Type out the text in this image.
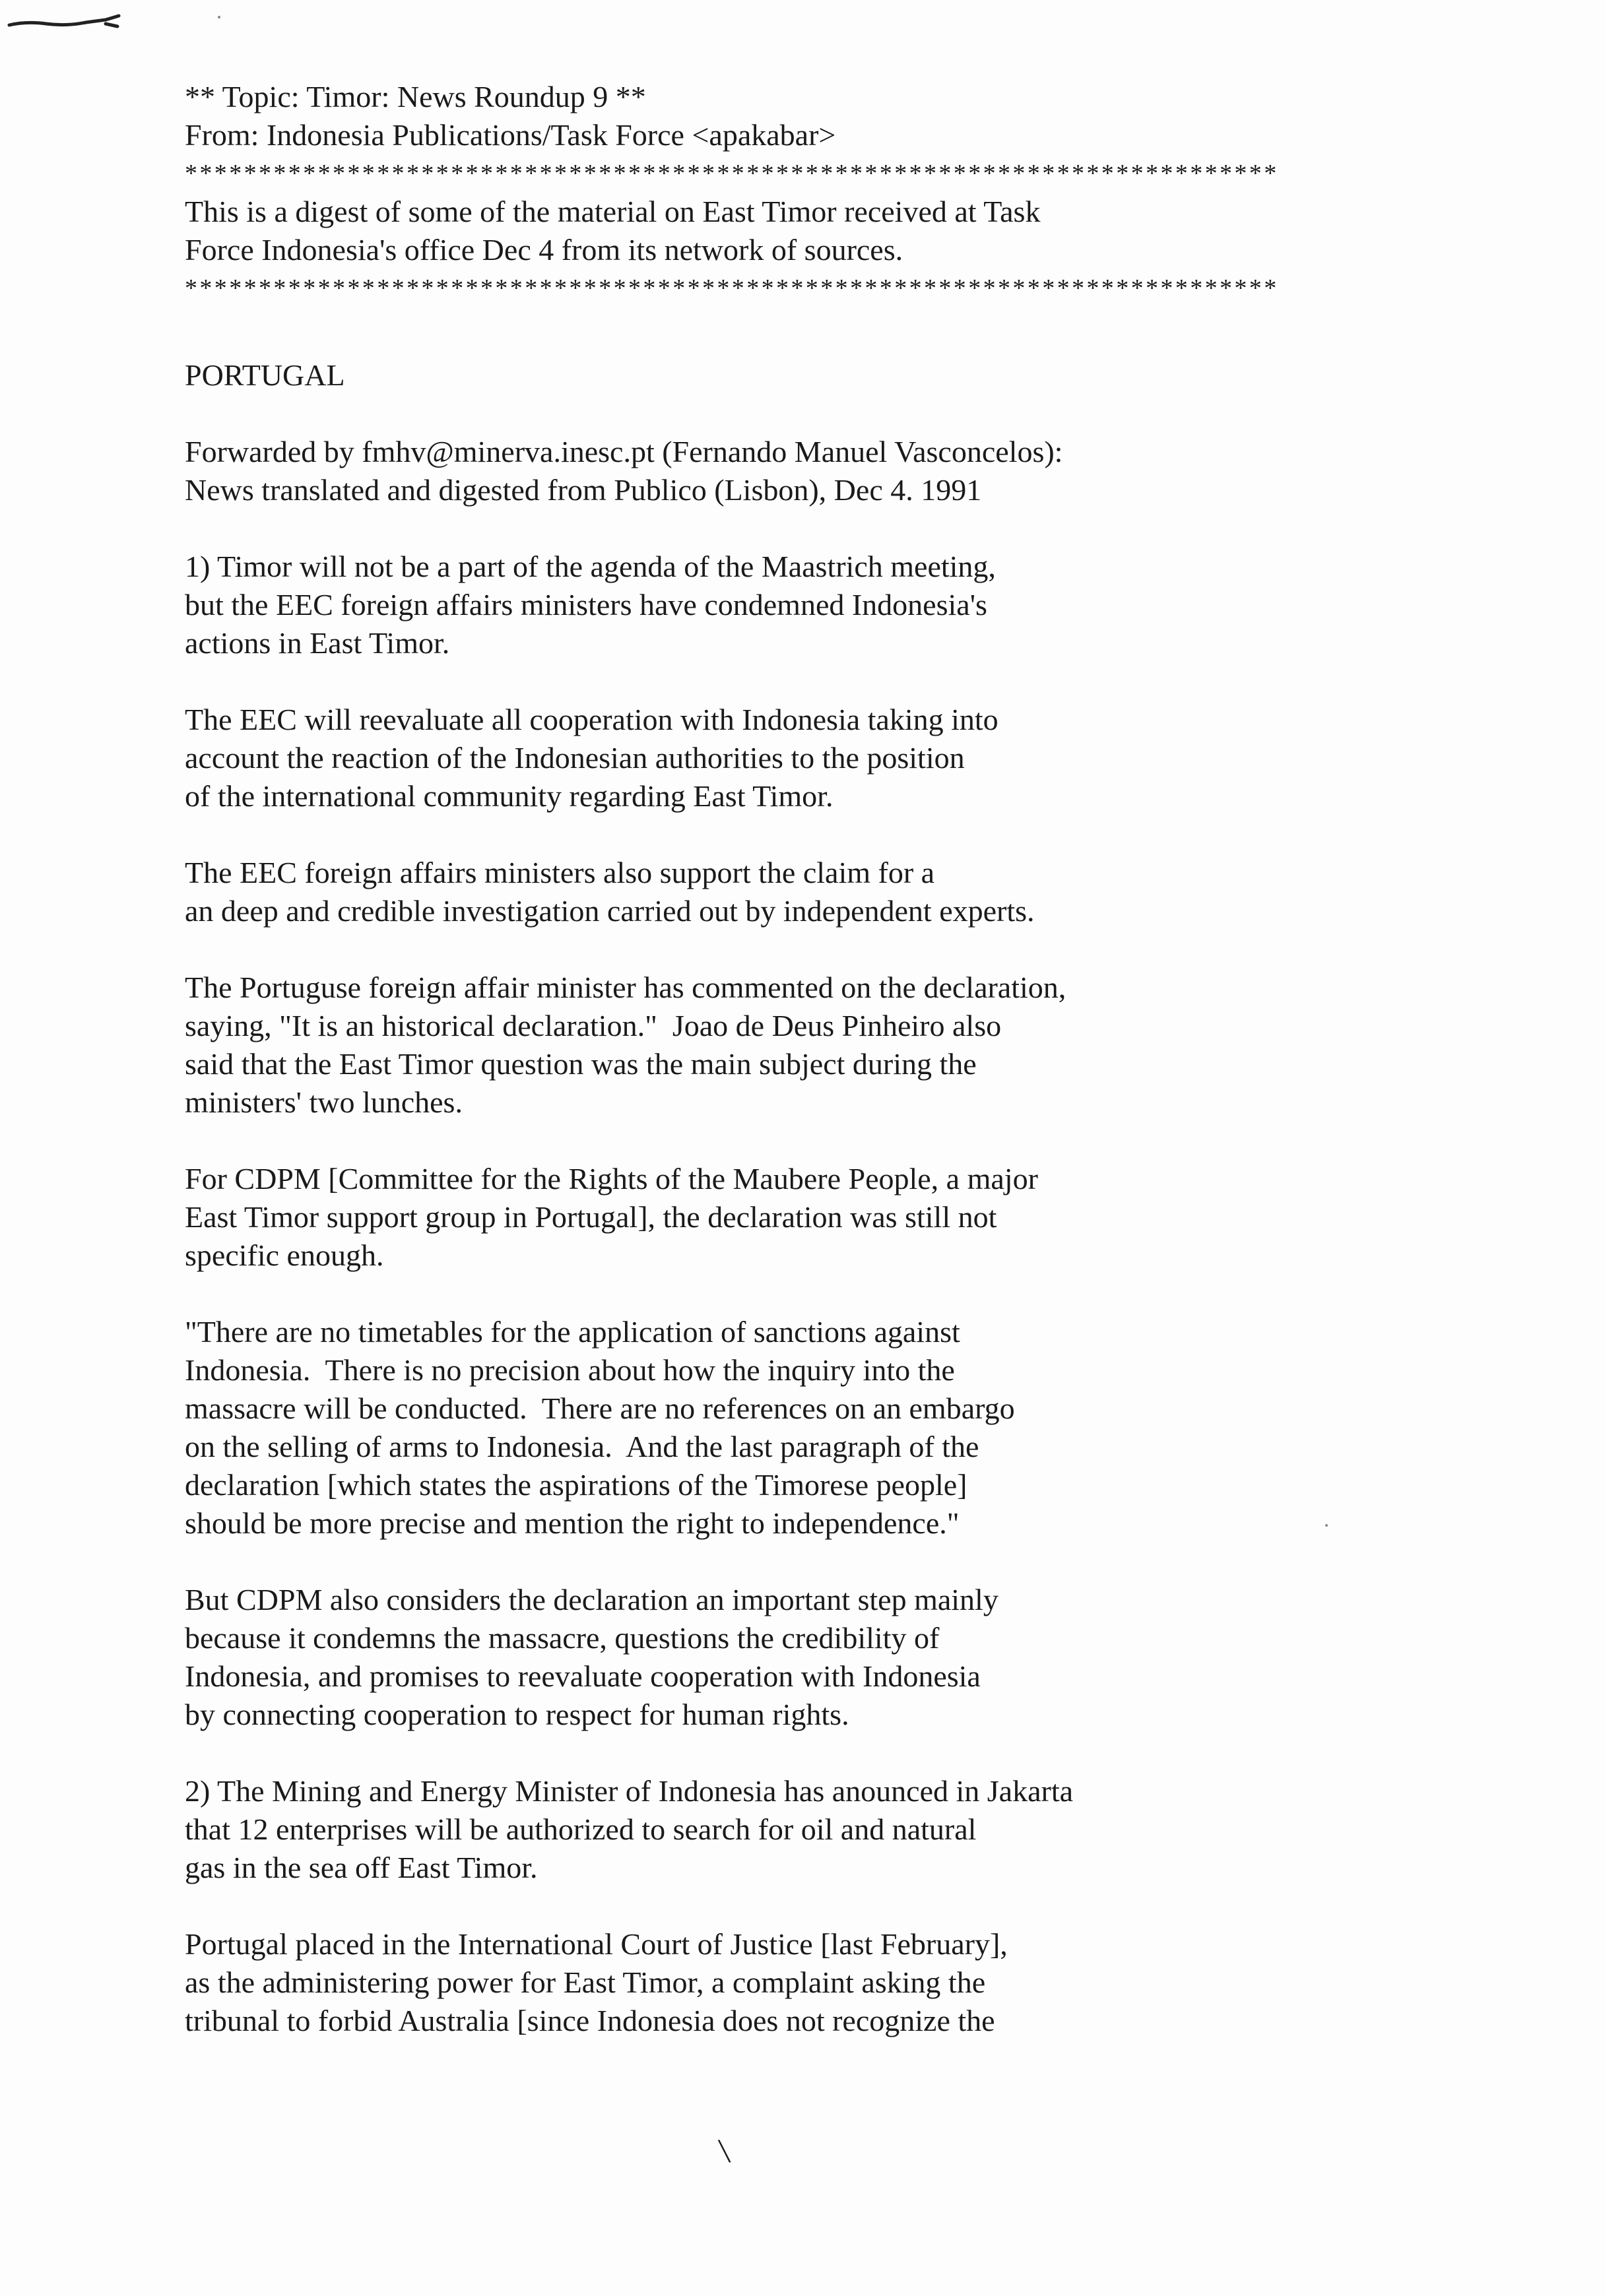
** Topic: Timor: News Roundup 9 **
From: Indonesia Publications/Task Force <apakabar>
**************************************************************************
This is a digest of some of the material on East Timor received at Task
Force Indonesia's office Dec 4 from its network of sources.
**************************************************************************
PORTUGAL
Forwarded by fmhv@minerva.inesc.pt (Fernando Manuel Vasconcelos):
News translated and digested from Publico (Lisbon), Dec 4. 1991
1) Timor will not be a part of the agenda of the Maastrich meeting,
but the EEC foreign affairs ministers have condemned Indonesia's
actions in East Timor.
The EEC will reevaluate all cooperation with Indonesia taking into
account the reaction of the Indonesian authorities to the position
of the international community regarding East Timor.
The EEC foreign affairs ministers also support the claim for a
an deep and credible investigation carried out by independent experts.
The Portuguse foreign affair minister has commented on the declaration,
saying, "It is an historical declaration."  Joao de Deus Pinheiro also
said that the East Timor question was the main subject during the
ministers' two lunches.
For CDPM [Committee for the Rights of the Maubere People, a major
East Timor support group in Portugal], the declaration was still not
specific enough.
"There are no timetables for the application of sanctions against
Indonesia.  There is no precision about how the inquiry into the
massacre will be conducted.  There are no references on an embargo
on the selling of arms to Indonesia.  And the last paragraph of the
declaration [which states the aspirations of the Timorese people]
should be more precise and mention the right to independence."
But CDPM also considers the declaration an important step mainly
because it condemns the massacre, questions the credibility of
Indonesia, and promises to reevaluate cooperation with Indonesia
by connecting cooperation to respect for human rights.
2) The Mining and Energy Minister of Indonesia has anounced in Jakarta
that 12 enterprises will be authorized to search for oil and natural
gas in the sea off East Timor.
Portugal placed in the International Court of Justice [last February],
as the administering power for East Timor, a complaint asking the
tribunal to forbid Australia [since Indonesia does not recognize the
\
